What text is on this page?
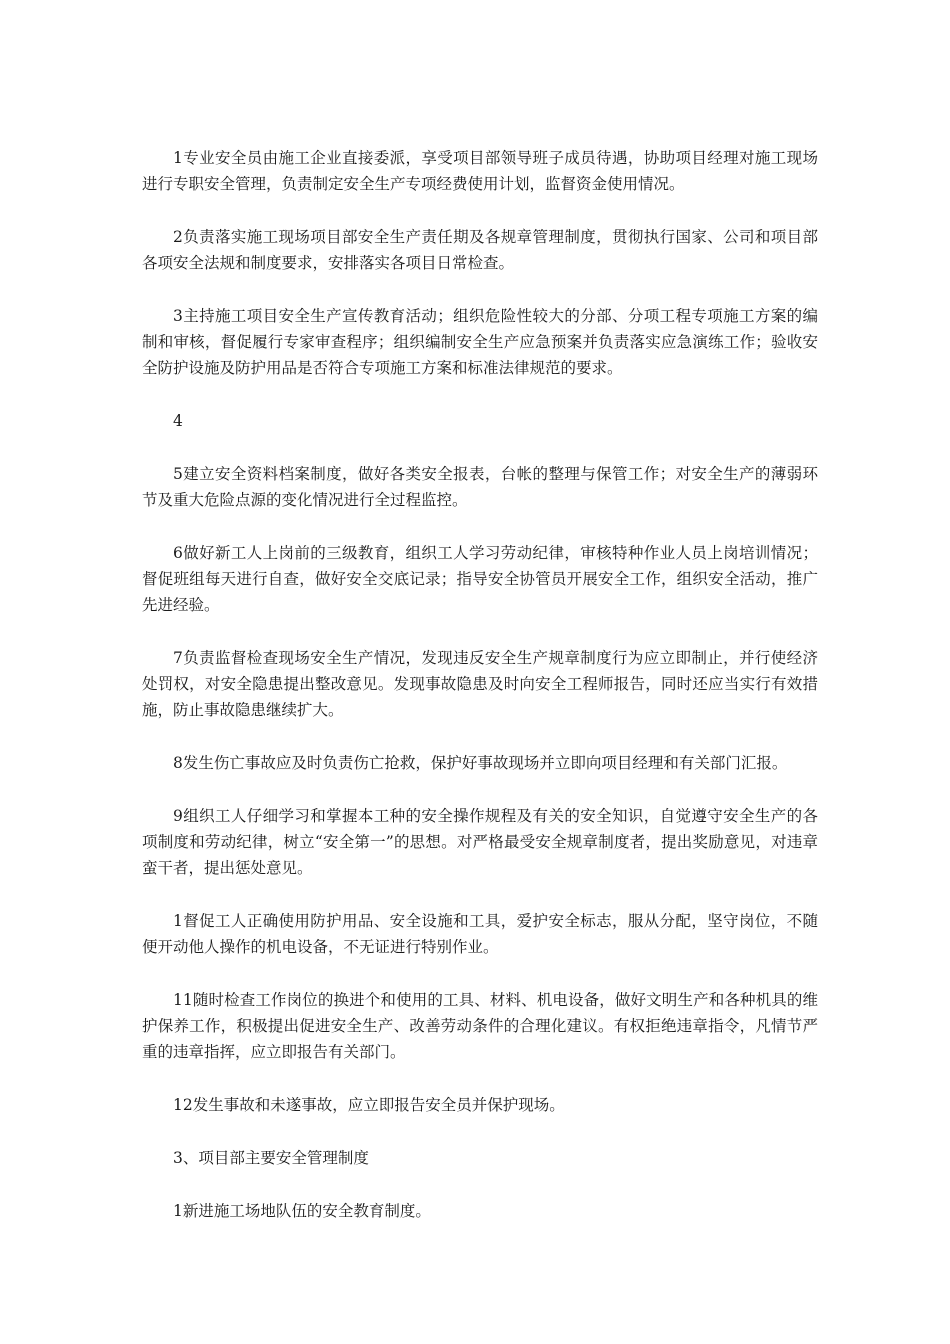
1专业安全员由施工企业直接委派，享受项目部领导班子成员待遇，协助项目经理对施工现场进行专职安全管理，负责制定安全生产专项经费使用计划，监督资金使用情况。

2负责落实施工现场项目部安全生产责任期及各规章管理制度，贯彻执行国家、公司和项目部各项安全法规和制度要求，安排落实各项目日常检查。

3主持施工项目安全生产宣传教育活动；组织危险性较大的分部、分项工程专项施工方案的编制和审核，督促履行专家审查程序；组织编制安全生产应急预案并负责落实应急演练工作；验收安全防护设施及防护用品是否符合专项施工方案和标准法律规范的要求。

4

5建立安全资料档案制度，做好各类安全报表，台帐的整理与保管工作；对安全生产的薄弱环节及重大危险点源的变化情况进行全过程监控。

6做好新工人上岗前的三级教育，组织工人学习劳动纪律，审核特种作业人员上岗培训情况；督促班组每天进行自查，做好安全交底记录；指导安全协管员开展安全工作，组织安全活动，推广先进经验。

7负责监督检查现场安全生产情况，发现违反安全生产规章制度行为应立即制止，并行使经济处罚权，对安全隐患提出整改意见。发现事故隐患及时向安全工程师报告，同时还应当实行有效措施，防止事故隐患继续扩大。

8发生伤亡事故应及时负责伤亡抢救，保护好事故现场并立即向项目经理和有关部门汇报。

9组织工人仔细学习和掌握本工种的安全操作规程及有关的安全知识，自觉遵守安全生产的各项制度和劳动纪律，树立“安全第一”的思想。对严格最受安全规章制度者，提出奖励意见，对违章蛮干者，提出惩处意见。

1督促工人正确使用防护用品、安全设施和工具，爱护安全标志，服从分配，坚守岗位，不随便开动他人操作的机电设备，不无证进行特别作业。

11随时检查工作岗位的换进个和使用的工具、材料、机电设备，做好文明生产和各种机具的维护保养工作，积极提出促进安全生产、改善劳动条件的合理化建议。有权拒绝违章指令，凡情节严重的违章指挥，应立即报告有关部门。

12发生事故和未遂事故，应立即报告安全员并保护现场。

3、项目部主要安全管理制度

1新进施工场地队伍的安全教育制度。
